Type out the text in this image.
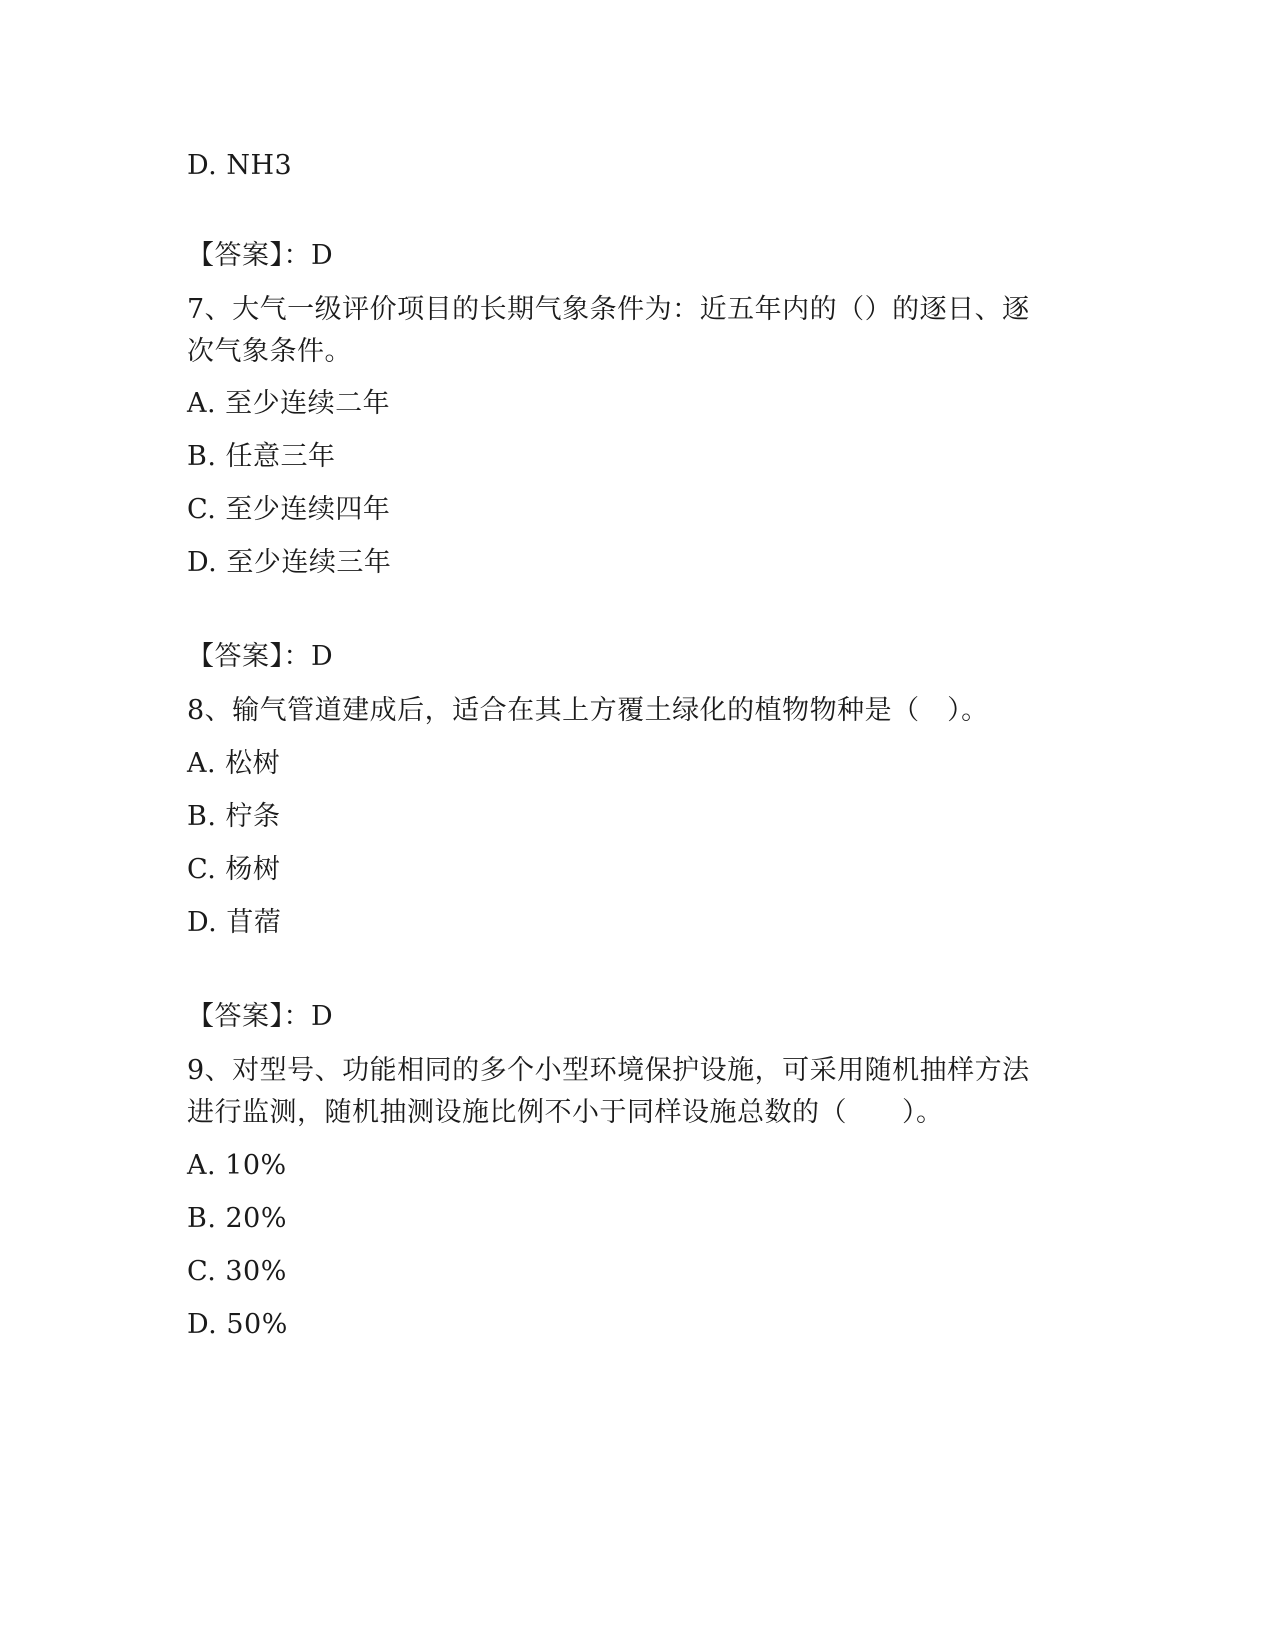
D. NH3
【答案】：D
7、大气一级评价项目的长期气象条件为：近五年内的（）的逐日、逐
次气象条件。
A. 至少连续二年
B. 任意三年
C. 至少连续四年
D. 至少连续三年
【答案】：D
8、输气管道建成后，适合在其上方覆土绿化的植物物种是（　）。
A. 松树
B. 柠条
C. 杨树
D. 苜蓿
【答案】：D
9、对型号、功能相同的多个小型环境保护设施，可采用随机抽样方法
进行监测，随机抽测设施比例不小于同样设施总数的（　　）。
A. 10%
B. 20%
C. 30%
D. 50%
